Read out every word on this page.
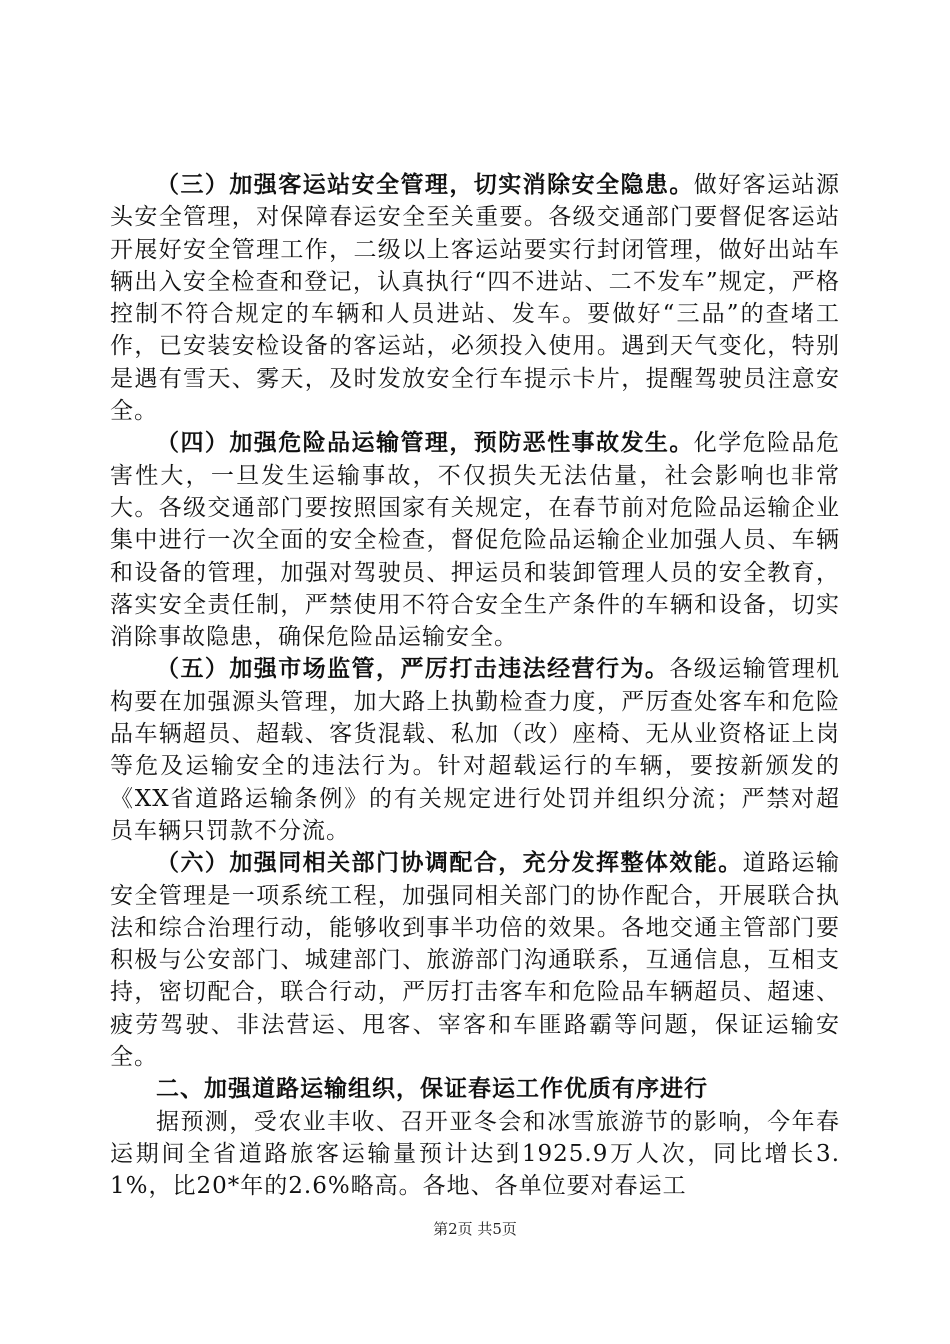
（三）加强客运站安全管理，切实消除安全隐患。做好客运站源头安全管理，对保障春运安全至关重要。各级交通部门要督促客运站开展好安全管理工作，二级以上客运站要实行封闭管理，做好出站车辆出入安全检查和登记，认真执行“四不进站、二不发车”规定，严格控制不符合规定的车辆和人员进站、发车。要做好“三品”的查堵工作，已安装安检设备的客运站，必须投入使用。遇到天气变化，特别是遇有雪天、雾天，及时发放安全行车提示卡片，提醒驾驶员注意安全。

（四）加强危险品运输管理，预防恶性事故发生。化学危险品危害性大，一旦发生运输事故，不仅损失无法估量，社会影响也非常大。各级交通部门要按照国家有关规定，在春节前对危险品运输企业集中进行一次全面的安全检查，督促危险品运输企业加强人员、车辆和设备的管理，加强对驾驶员、押运员和装卸管理人员的安全教育，落实安全责任制，严禁使用不符合安全生产条件的车辆和设备，切实消除事故隐患，确保危险品运输安全。

（五）加强市场监管，严厉打击违法经营行为。各级运输管理机构要在加强源头管理，加大路上执勤检查力度，严厉查处客车和危险品车辆超员、超载、客货混载、私加（改）座椅、无从业资格证上岗等危及运输安全的违法行为。针对超载运行的车辆，要按新颁发的《XX省道路运输条例》的有关规定进行处罚并组织分流；严禁对超员车辆只罚款不分流。

（六）加强同相关部门协调配合，充分发挥整体效能。道路运输安全管理是一项系统工程，加强同相关部门的协作配合，开展联合执法和综合治理行动，能够收到事半功倍的效果。各地交通主管部门要积极与公安部门、城建部门、旅游部门沟通联系，互通信息，互相支持，密切配合，联合行动，严厉打击客车和危险品车辆超员、超速、疲劳驾驶、非法营运、甩客、宰客和车匪路霸等问题，保证运输安全。

二、加强道路运输组织，保证春运工作优质有序进行

据预测，受农业丰收、召开亚冬会和冰雪旅游节的影响，今年春运期间全省道路旅客运输量预计达到1925.9万人次，同比增长3.1%，比20*年的2.6%略高。各地、各单位要对春运工

第2页 共5页
